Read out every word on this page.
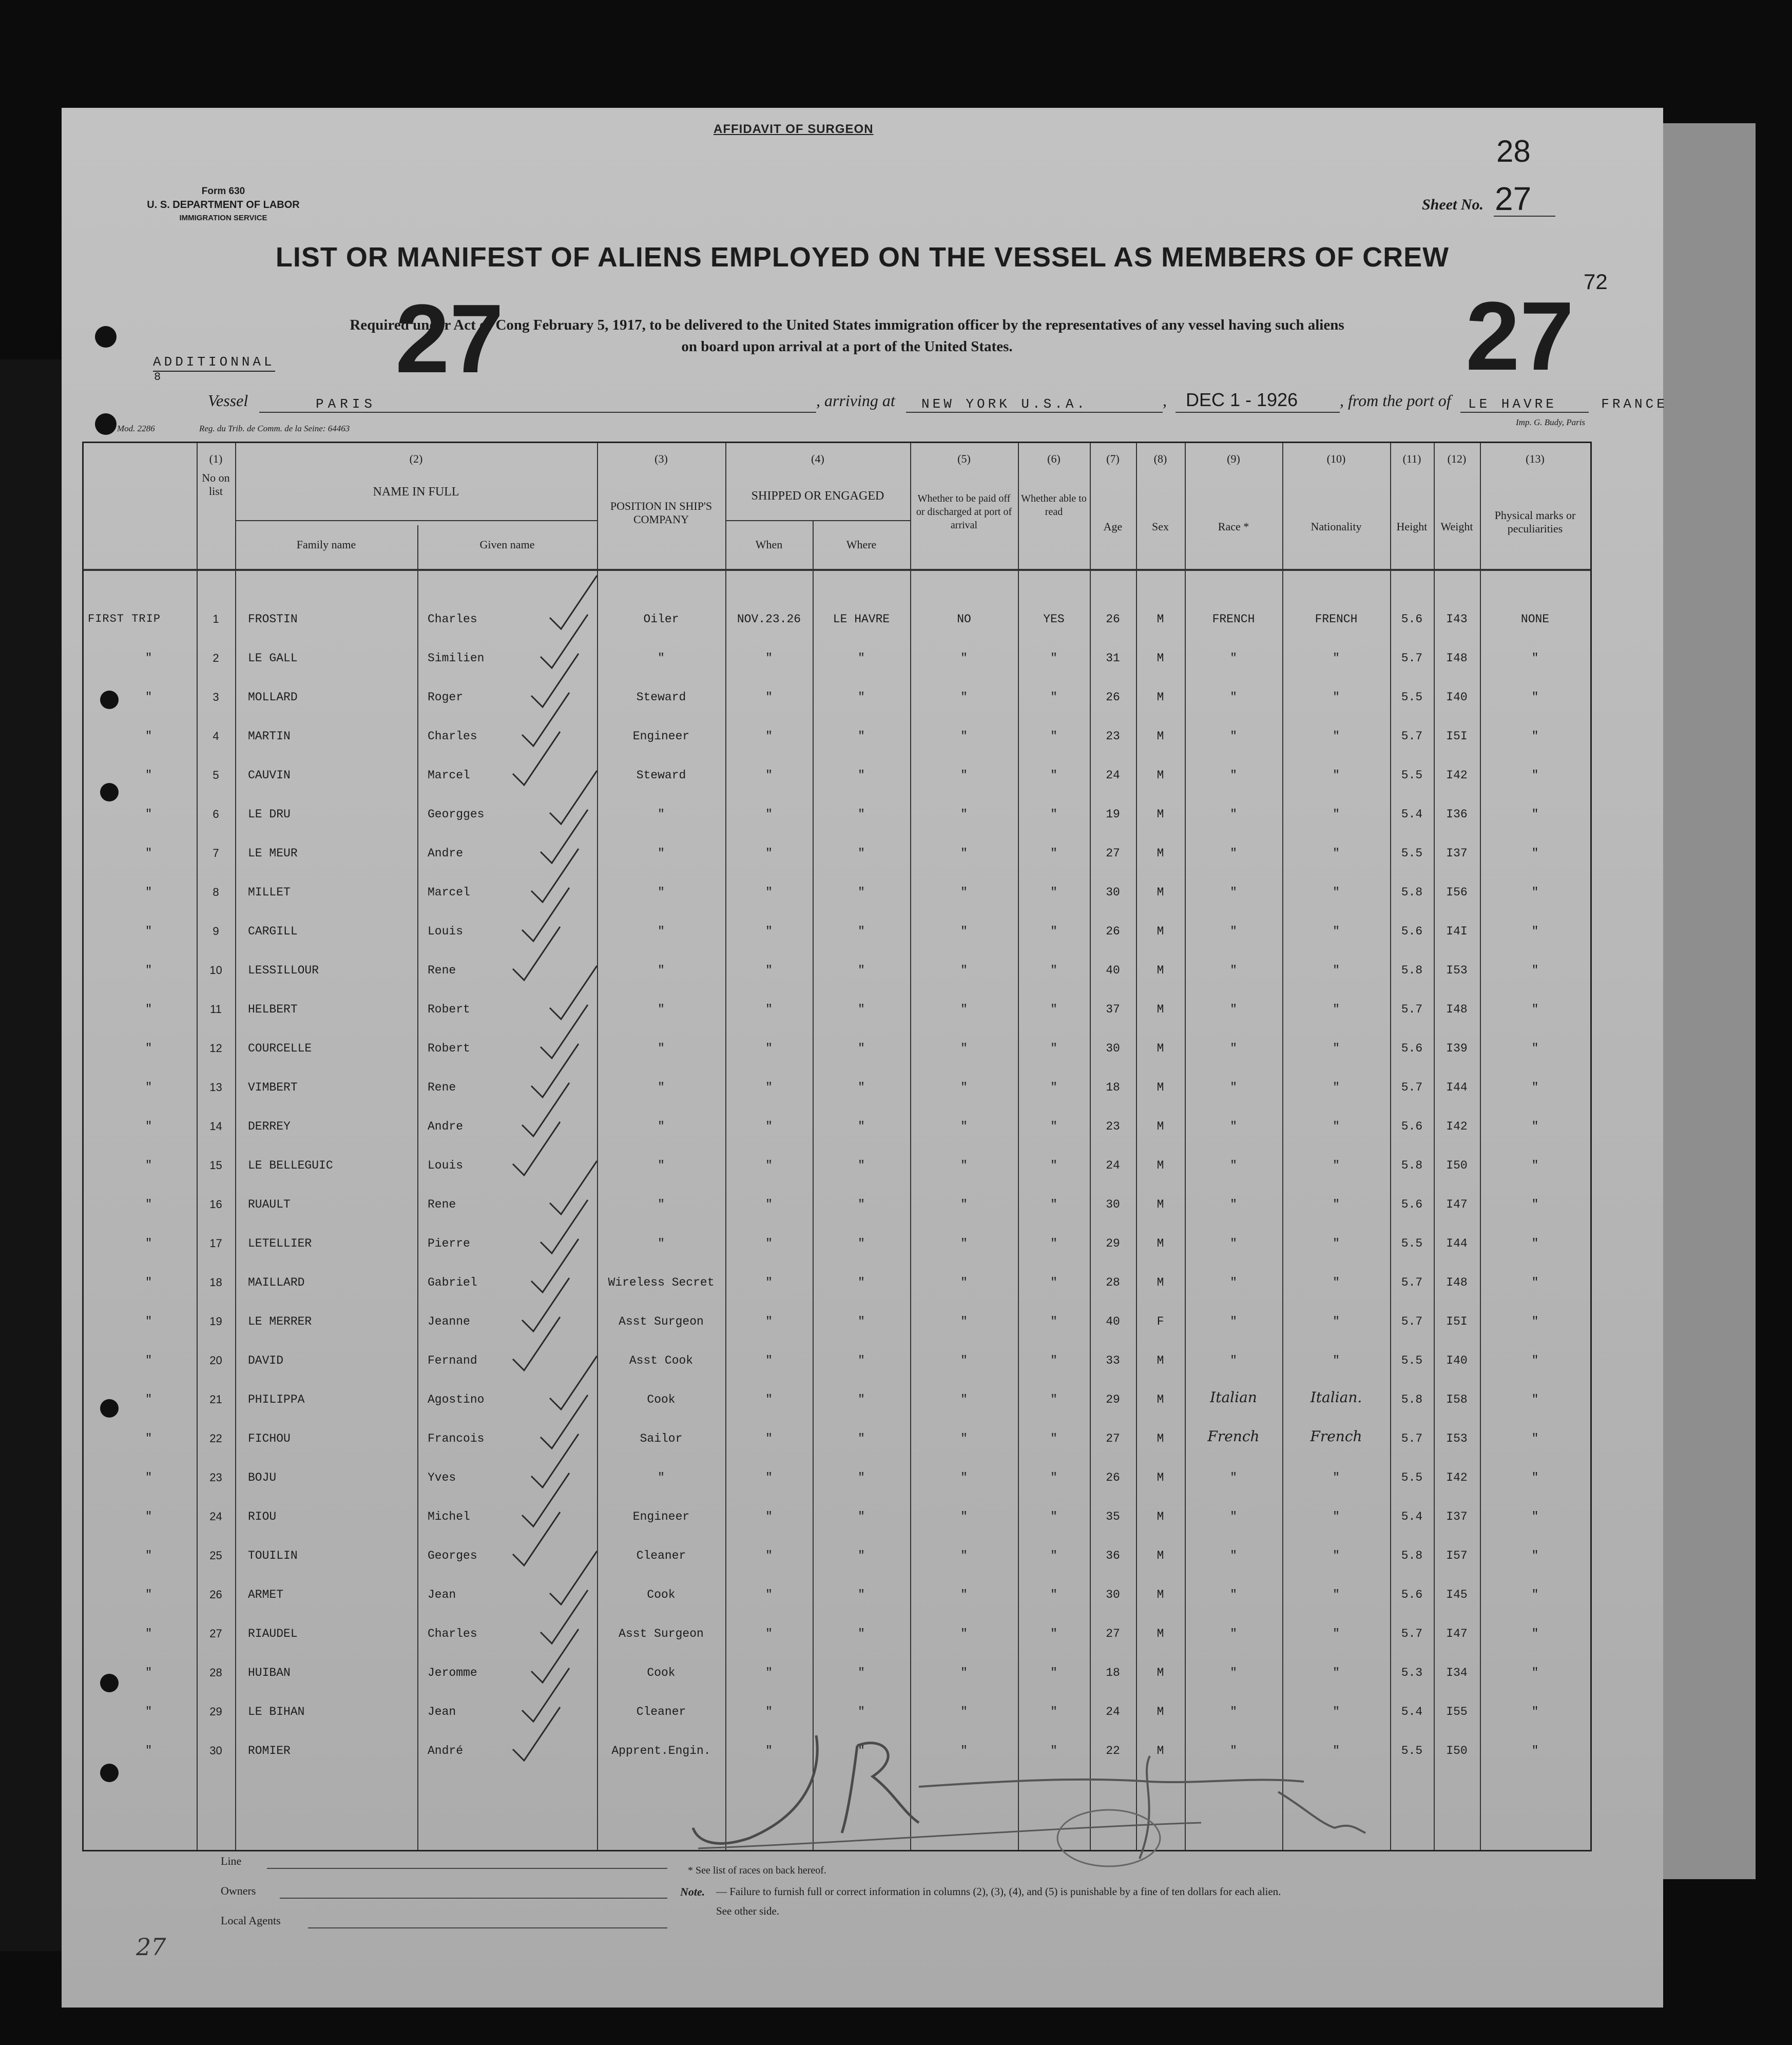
AFFIDAVIT OF SURGEON
Form 630
U. S. DEPARTMENT OF LABOR
IMMIGRATION SERVICE
28
Sheet No. 27
72
LIST OR MANIFEST OF ALIENS EMPLOYED ON THE VESSEL AS MEMBERS OF CREW
Required under Act of Cong February 5, 1917, to be delivered to the United States immigration officer by the representatives of any vessel having such aliens
on board upon arrival at a port of the United States.
27	27
ADDITIONNAL
8
Vessel	PARIS	, arriving at NEW YORK U.S.A.	, DEC 1 - 1926	, from the port of LE HAVRE    FRANCE
Mod. 2286	Reg. du Trib. de Comm. de la Seine: 64463
Imp. G. Budy, Paris
(1)
No on list
(2)
NAME IN FULL
Family name	Given name
(3)
POSITION IN SHIP'S COMPANY
(4)
SHIPPED OR ENGAGED
When	Where
(5)
Whether to be paid off or discharged at port of arrival
(6)
Whether able to read
(7)
Age
(8)
Sex
(9)
Race *
(10)
Nationality
(11)
Height
(12)
Weight
(13)
Physical marks or peculiarities
FIRST TRIP	1	FROSTIN	Charles	Oiler	NOV.23.26	LE HAVRE	NO	YES	26	M	FRENCH	FRENCH	5.6	I43	NONE
"	2	LE GALL	Similien	"	"	"	"	"	31	M	"	"	5.7	I48	"
"	3	MOLLARD	Roger	Steward	"	"	"	"	26	M	"	"	5.5	I40	"
"	4	MARTIN	Charles	Engineer	"	"	"	"	23	M	"	"	5.7	I5I	"
"	5	CAUVIN	Marcel	Steward	"	"	"	"	24	M	"	"	5.5	I42	"
"	6	LE DRU	Georgges	"	"	"	"	"	19	M	"	"	5.4	I36	"
"	7	LE MEUR	Andre	"	"	"	"	"	27	M	"	"	5.5	I37	"
"	8	MILLET	Marcel	"	"	"	"	"	30	M	"	"	5.8	I56	"
"	9	CARGILL	Louis	"	"	"	"	"	26	M	"	"	5.6	I4I	"
"	10	LESSILLOUR	Rene	"	"	"	"	"	40	M	"	"	5.8	I53	"
"	11	HELBERT	Robert	"	"	"	"	"	37	M	"	"	5.7	I48	"
"	12	COURCELLE	Robert	"	"	"	"	"	30	M	"	"	5.6	I39	"
"	13	VIMBERT	Rene	"	"	"	"	"	18	M	"	"	5.7	I44	"
"	14	DERREY	Andre	"	"	"	"	"	23	M	"	"	5.6	I42	"
"	15	LE BELLEGUIC	Louis	"	"	"	"	"	24	M	"	"	5.8	I50	"
"	16	RUAULT	Rene	"	"	"	"	"	30	M	"	"	5.6	I47	"
"	17	LETELLIER	Pierre	"	"	"	"	"	29	M	"	"	5.5	I44	"
"	18	MAILLARD	Gabriel	Wireless Secret	"	"	"	"	28	M	"	"	5.7	I48	"
"	19	LE MERRER	Jeanne	Asst Surgeon	"	"	"	"	40	F	"	"	5.7	I5I	"
"	20	DAVID	Fernand	Asst Cook	"	"	"	"	33	M	"	"	5.5	I40	"
"	21	PHILIPPA	Agostino	Cook	"	"	"	"	29	M	Italian	Italian.	5.8	I58	"
"	22	FICHOU	Francois	Sailor	"	"	"	"	27	M	French	French	5.7	I53	"
"	23	BOJU	Yves	"	"	"	"	"	26	M	"	"	5.5	I42	"
"	24	RIOU	Michel	Engineer	"	"	"	"	35	M	"	"	5.4	I37	"
"	25	TOUILIN	Georges	Cleaner	"	"	"	"	36	M	"	"	5.8	I57	"
"	26	ARMET	Jean	Cook	"	"	"	"	30	M	"	"	5.6	I45	"
"	27	RIAUDEL	Charles	Asst Surgeon	"	"	"	"	27	M	"	"	5.7	I47	"
"	28	HUIBAN	Jeromme	Cook	"	"	"	"	18	M	"	"	5.3	I34	"
"	29	LE BIHAN	Jean	Cleaner	"	"	"	"	24	M	"	"	5.4	I55	"
"	30	ROMIER	André	Apprent.Engin.	"	"	"	"	22	M	"	"	5.5	I50	"
Line
Owners
Local Agents
* See list of races on back hereof.
Note. — Failure to furnish full or correct information in columns (2), (3), (4), and (5) is punishable by a fine of ten dollars for each alien.
See other side.
27
